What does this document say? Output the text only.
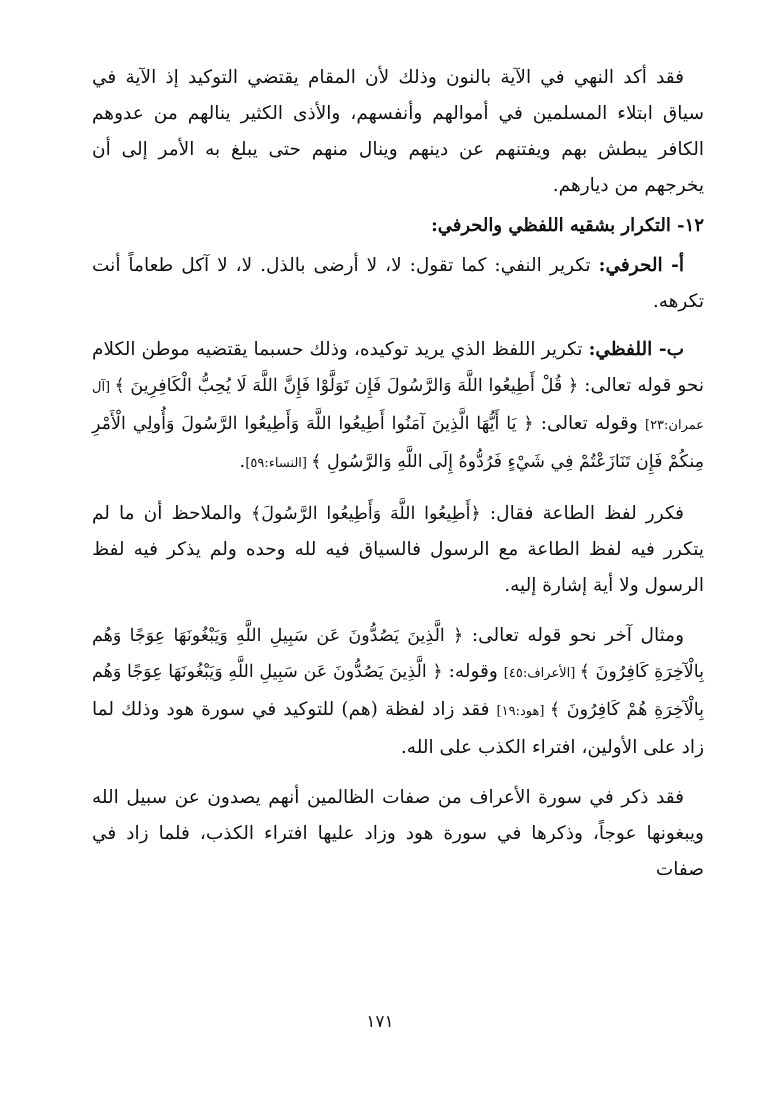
فقد أكد النهي في الآية بالنون وذلك لأن المقام يقتضي التوكيد إذ الآية في سياق ابتلاء المسلمين في أموالهم وأنفسهم، والأذى الكثير ينالهم من عدوهم الكافر يبطش بهم ويفتنهم عن دينهم وينال منهم حتى يبلغ به الأمر إلى أن يخرجهم من ديارهم.

١٢- التكرار بشقيه اللفظي والحرفي:

أ- الحرفي: تكرير النفي: كما تقول: لا، لا أرضى بالذل. لا، لا آكل طعاماً أنت تكرهه.

ب- اللفظي: تكرير اللفظ الذي يريد توكيده، وذلك حسبما يقتضيه موطن الكلام نحو قوله تعالى: ﴿ قُلْ أَطِيعُوا اللَّهَ وَالرَّسُولَ فَإِن تَوَلَّوْا فَإِنَّ اللَّهَ لَا يُحِبُّ الْكَافِرِينَ ﴾ [آل عمران:٢٣] وقوله تعالى: ﴿ يَا أَيُّهَا الَّذِينَ آمَنُوا أَطِيعُوا اللَّهَ وَأَطِيعُوا الرَّسُولَ وَأُولِي الْأَمْرِ مِنكُمْ فَإِن تَنَازَعْتُمْ فِي شَيْءٍ فَرُدُّوهُ إِلَى اللَّهِ وَالرَّسُولِ ﴾ [النساء:٥٩].

فكرر لفظ الطاعة فقال: ﴿أَطِيعُوا اللَّهَ وَأَطِيعُوا الرَّسُولَ﴾ والملاحظ أن ما لم يتكرر فيه لفظ الطاعة مع الرسول فالسياق فيه لله وحده ولم يذكر فيه لفظ الرسول ولا أية إشارة إليه.

ومثال آخر نحو قوله تعالى: ﴿ الَّذِينَ يَصُدُّونَ عَن سَبِيلِ اللَّهِ وَيَبْغُونَهَا عِوَجًا وَهُم بِالْآخِرَةِ كَافِرُونَ ﴾ [الأعراف:٤٥] وقوله: ﴿ الَّذِينَ يَصُدُّونَ عَن سَبِيلِ اللَّهِ وَيَبْغُونَهَا عِوَجًا وَهُم بِالْآخِرَةِ هُمْ كَافِرُونَ ﴾ [هود:١٩] فقد زاد لفظة (هم) للتوكيد في سورة هود وذلك لما زاد على الأولين، افتراء الكذب على الله.

فقد ذكر في سورة الأعراف من صفات الظالمين أنهم يصدون عن سبيل الله ويبغونها عوجاً، وذكرها في سورة هود وزاد عليها افتراء الكذب، فلما زاد في صفات

١٧١
